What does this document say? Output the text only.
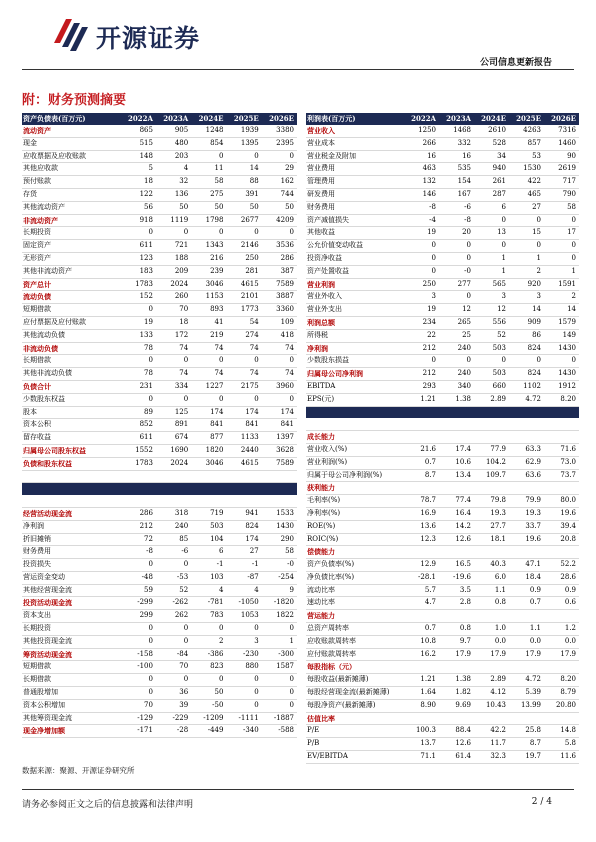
开源证券
公司信息更新报告
附：财务预测摘要
资产负债表(百万元)	2022A	2023A	2024E	2025E	2026E
流动资产	865	905	1248	1939	3380
现金	515	480	854	1395	2395
应收票据及应收账款	148	203	0	0	0
其他应收款	5	4	11	14	29
预付账款	18	32	58	88	162
存货	122	136	275	391	744
其他流动资产	56	50	50	50	50
非流动资产	918	1119	1798	2677	4209
长期投资	0	0	0	0	0
固定资产	611	721	1343	2146	3536
无形资产	123	188	216	250	286
其他非流动资产	183	209	239	281	387
资产总计	1783	2024	3046	4615	7589
流动负债	152	260	1153	2101	3887
短期借款	0	70	893	1773	3360
应付票据及应付账款	19	18	41	54	109
其他流动负债	133	172	219	274	418
非流动负债	78	74	74	74	74
长期借款	0	0	0	0	0
其他非流动负债	78	74	74	74	74
负债合计	231	334	1227	2175	3960
少数股东权益	0	0	0	0	0
股本	89	125	174	174	174
资本公积	852	891	841	841	841
留存收益	611	674	877	1133	1397
归属母公司股东权益	1552	1690	1820	2440	3628
负债和股东权益	1783	2024	3046	4615	7589

经营活动现金流	286	318	719	941	1533
净利润	212	240	503	824	1430
折旧摊销	72	85	104	174	290
财务费用	-8	-6	6	27	58
投资损失	0	0	-1	-1	-0
营运资金变动	-48	-53	103	-87	-254
其他经营现金流	59	52	4	4	9
投资活动现金流	-299	-262	-781	-1050	-1820
资本支出	299	262	783	1053	1822
长期投资	0	0	0	0	0
其他投资现金流	0	0	2	3	1
筹资活动现金流	-158	-84	-386	-230	-300
短期借款	-100	70	823	880	1587
长期借款	0	0	0	0	0
普通股增加	0	36	50	0	0
资本公积增加	70	39	-50	0	0
其他筹资现金流	-129	-229	-1209	-1111	-1887
现金净增加额	-171	-28	-449	-340	-588
利润表(百万元)	2022A	2023A	2024E	2025E	2026E
营业收入	1250	1468	2610	4263	7316
营业成本	266	332	528	857	1460
营业税金及附加	16	16	34	53	90
营业费用	463	535	940	1530	2619
管理费用	132	154	261	422	717
研发费用	146	167	287	465	790
财务费用	-8	-6	6	27	58
资产减值损失	-4	-8	0	0	0
其他收益	19	20	13	15	17
公允价值变动收益	0	0	0	0	0
投资净收益	0	0	1	1	0
资产处置收益	0	-0	1	2	1
营业利润	250	277	565	920	1591
营业外收入	3	0	3	3	2
营业外支出	19	12	12	14	14
利润总额	234	265	556	909	1579
所得税	22	25	52	86	149
净利润	212	240	503	824	1430
少数股东损益	0	0	0	0	0
归属母公司净利润	212	240	503	824	1430
EBITDA	293	340	660	1102	1912
EPS(元)	1.21	1.38	2.89	4.72	8.20

成长能力					
营业收入(%)	21.6	17.4	77.9	63.3	71.6
营业利润(%)	0.7	10.6	104.2	62.9	73.0
归属于母公司净利润(%)	8.7	13.4	109.7	63.6	73.7
获利能力					
毛利率(%)	78.7	77.4	79.8	79.9	80.0
净利率(%)	16.9	16.4	19.3	19.3	19.6
ROE(%)	13.6	14.2	27.7	33.7	39.4
ROIC(%)	12.3	12.6	18.1	19.6	20.8
偿债能力					
资产负债率(%)	12.9	16.5	40.3	47.1	52.2
净负债比率(%)	-28.1	-19.6	6.0	18.4	28.6
流动比率	5.7	3.5	1.1	0.9	0.9
速动比率	4.7	2.8	0.8	0.7	0.6
营运能力					
总资产周转率	0.7	0.8	1.0	1.1	1.2
应收账款周转率	10.8	9.7	0.0	0.0	0.0
应付账款周转率	16.2	17.9	17.9	17.9	17.9
每股指标（元）					
每股收益(最新摊薄)	1.21	1.38	2.89	4.72	8.20
每股经营现金流(最新摊薄)	1.64	1.82	4.12	5.39	8.79
每股净资产(最新摊薄)	8.90	9.69	10.43	13.99	20.80
估值比率					
P/E	100.3	88.4	42.2	25.8	14.8
P/B	13.7	12.6	11.7	8.7	5.8
EV/EBITDA	71.1	61.4	32.3	19.7	11.6
数据来源：聚源、开源证券研究所
请务必参阅正文之后的信息披露和法律声明	2 / 4
